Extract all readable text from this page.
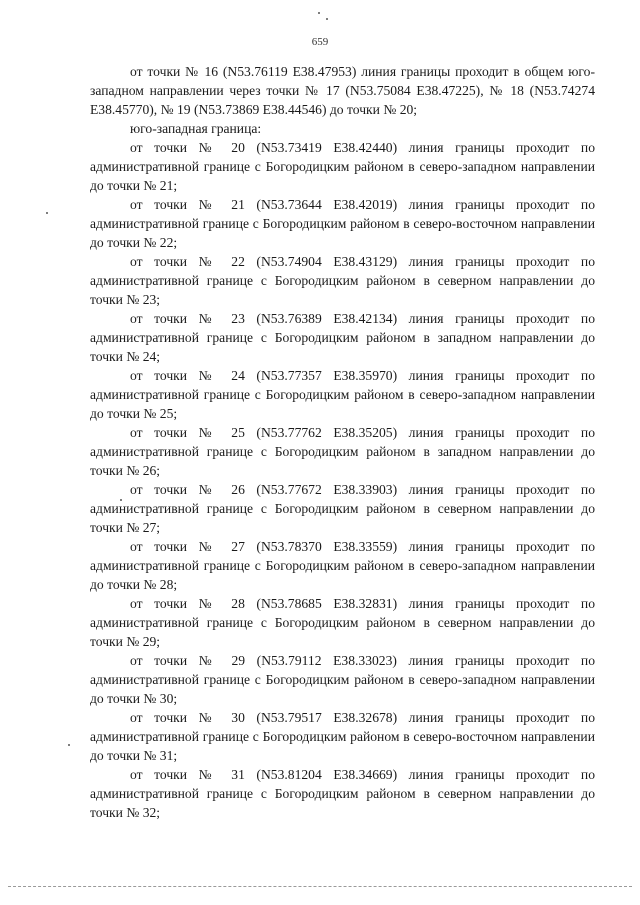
659

от точки № 16 (N53.76119 E38.47953) линия границы проходит в общем юго-западном направлении через точки № 17 (N53.75084 E38.47225), № 18 (N53.74274 E38.45770), № 19 (N53.73869 E38.44546) до точки № 20;

юго-западная граница:

от точки № 20 (N53.73419 E38.42440) линия границы проходит по административной границе с Богородицким районом в северо-западном направлении до точки № 21;

от точки № 21 (N53.73644 E38.42019) линия границы проходит по административной границе с Богородицким районом в северо-восточном направлении до точки № 22;

от точки № 22 (N53.74904 E38.43129) линия границы проходит по административной границе с Богородицким районом в северном направлении до точки № 23;

от точки № 23 (N53.76389 E38.42134) линия границы проходит по административной границе с Богородицким районом в западном направлении до точки № 24;

от точки № 24 (N53.77357 E38.35970) линия границы проходит по административной границе с Богородицким районом в северо-западном направлении до точки № 25;

от точки № 25 (N53.77762 E38.35205) линия границы проходит по административной границе с Богородицким районом в западном направлении до точки № 26;

от точки № 26 (N53.77672 E38.33903) линия границы проходит по административной границе с Богородицким районом в северном направлении до точки № 27;

от точки № 27 (N53.78370 E38.33559) линия границы проходит по административной границе с Богородицким районом в северо-западном направлении до точки № 28;

от точки № 28 (N53.78685 E38.32831) линия границы проходит по административной границе с Богородицким районом в северном направлении до точки № 29;

от точки № 29 (N53.79112 E38.33023) линия границы проходит по административной границе с Богородицким районом в северо-западном направлении до точки № 30;

от точки № 30 (N53.79517 E38.32678) линия границы проходит по административной границе с Богородицким районом в северо-восточном направлении до точки № 31;

от точки № 31 (N53.81204 E38.34669) линия границы проходит по административной границе с Богородицким районом в северном направлении до точки № 32;
